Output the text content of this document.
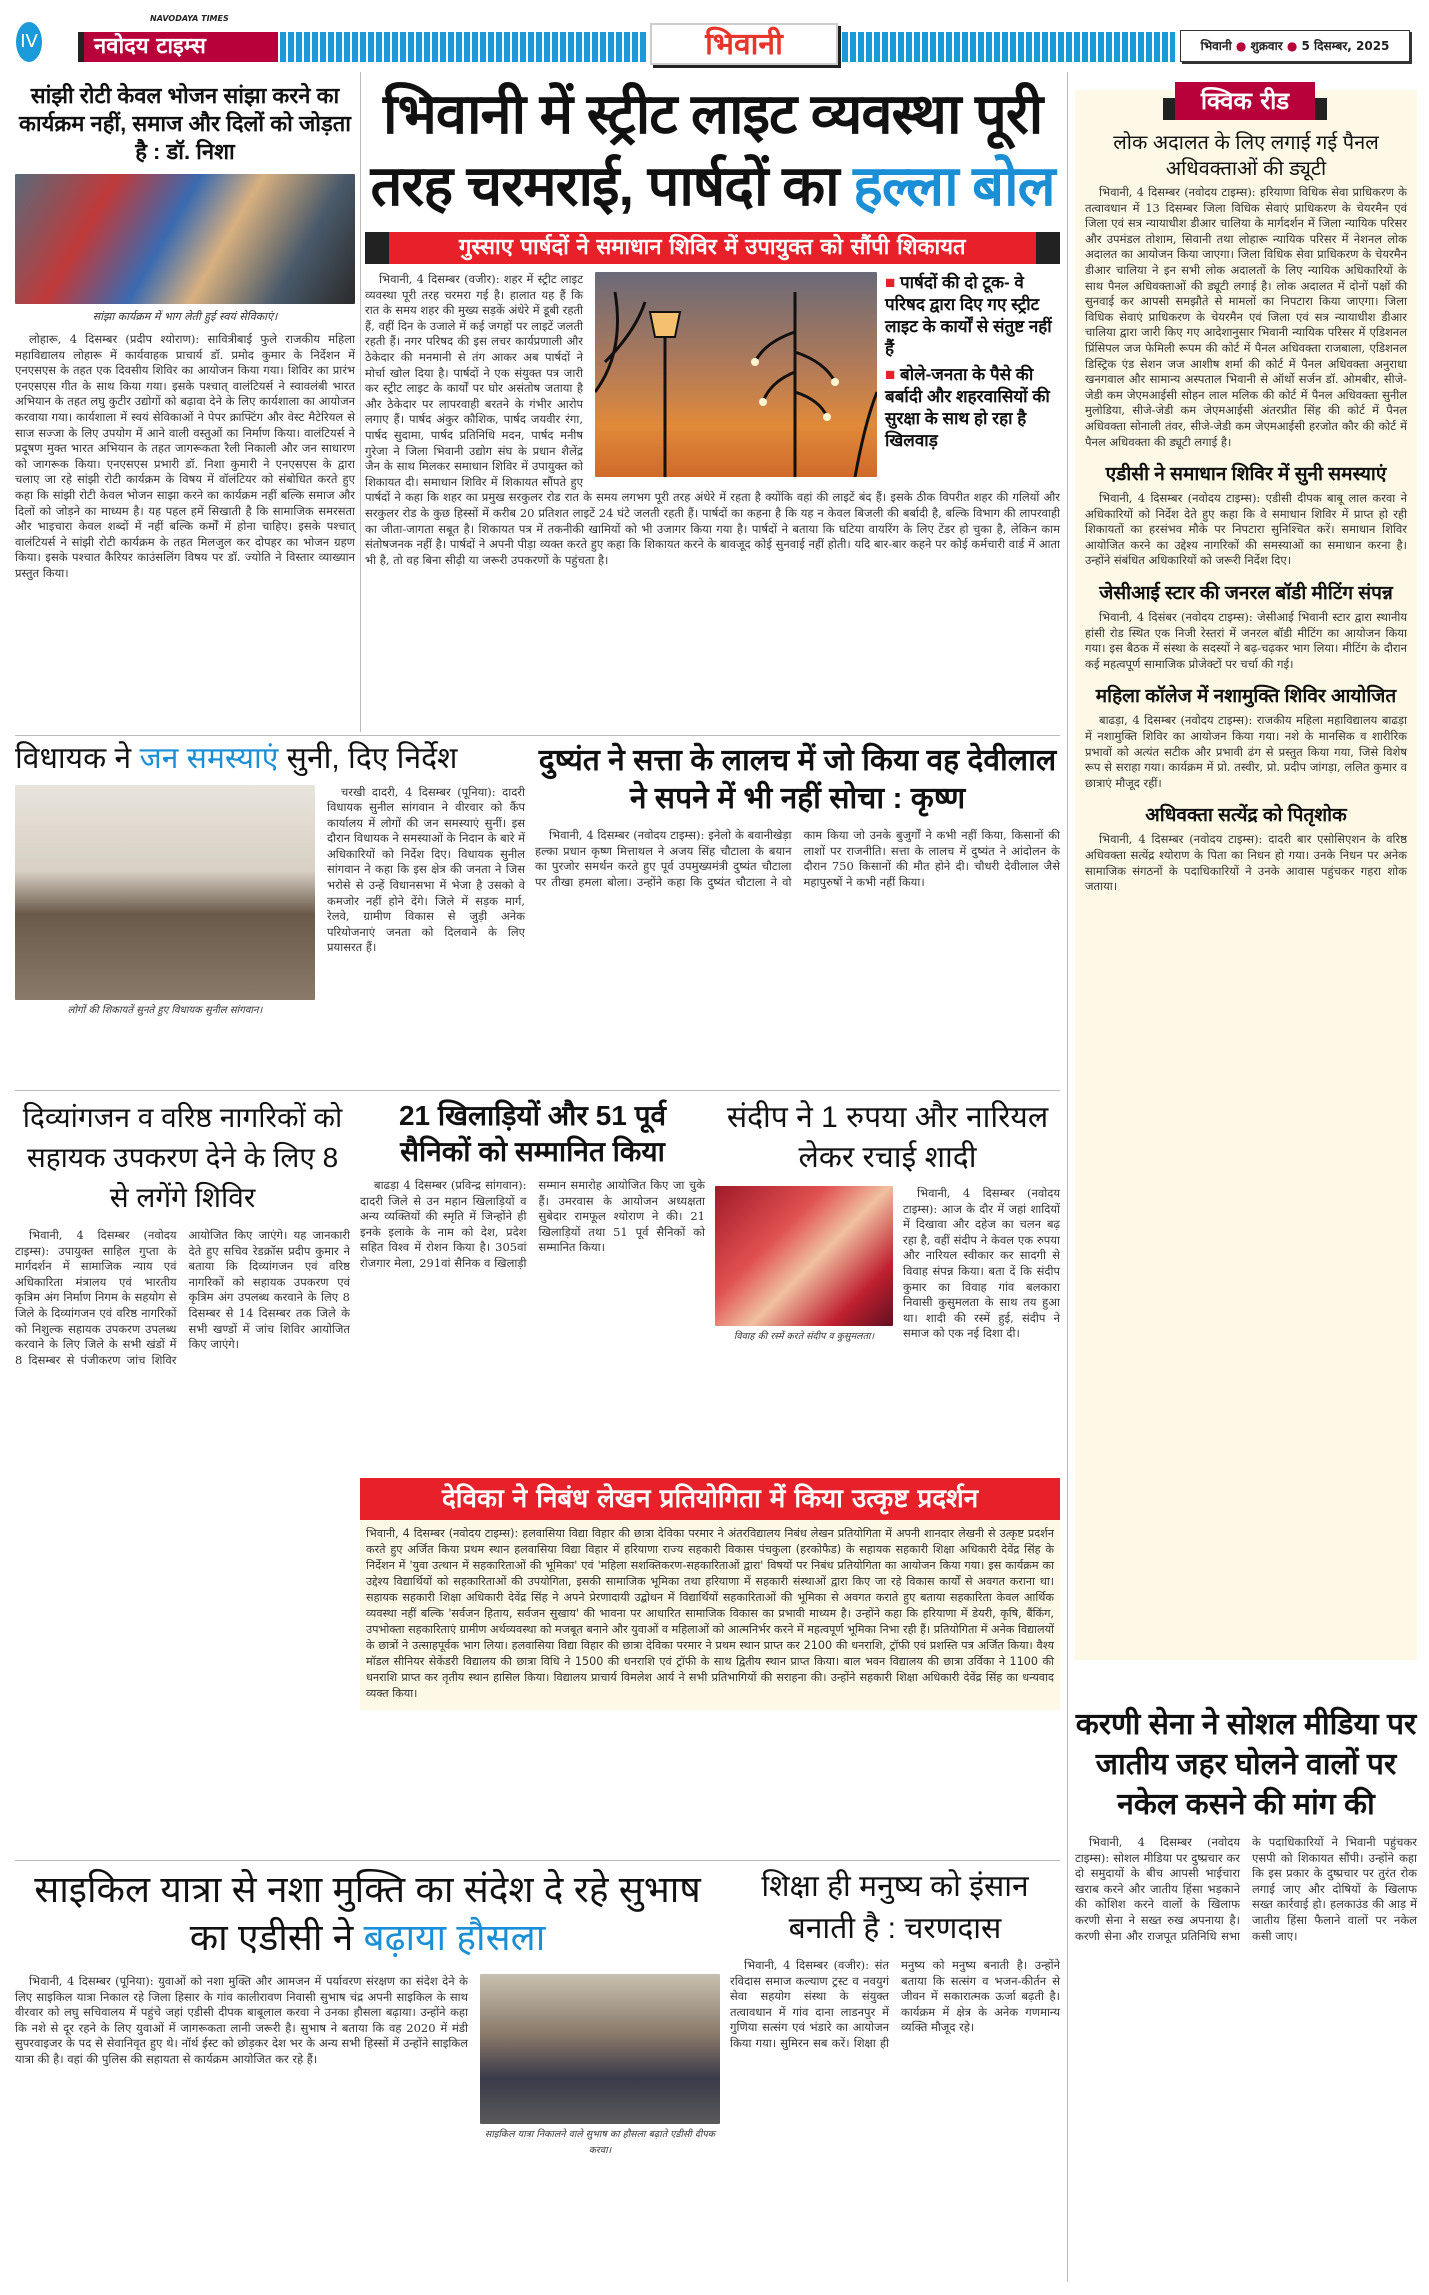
IV
NAVODAYA TIMES
नवोदय टाइम्स	भिवानी	भिवानी ● शुक्रवार ● 5 दिसम्बर, 2025
सांझी रोटी केवल भोजन सांझा करने का कार्यक्रम नहीं, समाज और दिलों को जोड़ता है : डॉ. निशा
सांझा कार्यक्रम में भाग लेती हुई स्वयं सेविकाएं।
लोहारू, 4 दिसम्बर (प्रदीप श्योराण): सावित्रीबाई फुले राजकीय महिला महाविद्यालय लोहारू में कार्यवाहक प्राचार्य डॉ. प्रमोद कुमार के निर्देशन में एनएसएस के तहत एक दिवसीय शिविर का आयोजन किया गया। शिविर का प्रारंभ एनएसएस गीत के साथ किया गया। इसके पश्चात् वालंटियर्स ने स्वावलंबी भारत अभियान के तहत लघु कुटीर उद्योगों को बढ़ावा देने के लिए कार्यशाला का आयोजन करवाया गया। कार्यशाला में स्वयं सेविकाओं ने पेपर क्राफ्टिंग और वेस्ट मैटेरियल से साज सज्जा के लिए उपयोग में आने वाली वस्तुओं का निर्माण किया। वालंटियर्स ने प्रदूषण मुक्त भारत अभियान के तहत जागरूकता रैली निकाली और जन साधारण को जागरूक किया। एनएसएस प्रभारी डॉ. निशा कुमारी ने एनएसएस के द्वारा चलाए जा रहे सांझी रोटी कार्यक्रम के विषय में वॉलंटियर को संबोधित करते हुए कहा कि सांझी रोटी केवल भोजन साझा करने का कार्यक्रम नहीं बल्कि समाज और दिलों को जोड़ने का माध्यम है। यह पहल हमें सिखाती है कि सामाजिक समरसता और भाइचारा केवल शब्दों में नहीं बल्कि कर्मों में होना चाहिए। इसके पश्चात् वालंटियर्स ने सांझी रोटी कार्यक्रम के तहत मिलजुल कर दोपहर का भोजन ग्रहण किया। इसके पश्चात कैरियर काउंसलिंग विषय पर डॉ. ज्योति ने विस्तार व्याख्यान प्रस्तुत किया।
भिवानी में स्ट्रीट लाइट व्यवस्था पूरी
तरह चरमराई, पार्षदों का हल्ला बोल
गुस्साए पार्षदों ने समाधान शिविर में उपायुक्त को सौंपी शिकायत
■ पार्षदों की दो टूक- वे परिषद द्वारा दिए गए स्ट्रीट लाइट के कार्यों से संतुष्ट नहीं हैं
■ बोले-जनता के पैसे की बर्बादी और शहरवासियों की सुरक्षा के साथ हो रहा है खिलवाड़

भिवानी, 4 दिसम्बर (वजीर): शहर में स्ट्रीट लाइट व्यवस्था पूरी तरह चरमरा गई है। हालात यह हैं कि रात के समय शहर की मुख्य सड़कें अंधेरे में डूबी रहती हैं, वहीं दिन के उजाले में कई जगहों पर लाइटें जलती रहती हैं। नगर परिषद की इस लचर कार्यप्रणाली और ठेकेदार की मनमानी से तंग आकर अब पार्षदों ने मोर्चा खोल दिया है। पार्षदों ने एक संयुक्त पत्र जारी कर स्ट्रीट लाइट के कार्यों पर घोर असंतोष जताया है और ठेकेदार पर लापरवाही बरतने के गंभीर आरोप लगाए हैं। पार्षद अंकुर कौशिक, पार्षद जयवीर रंगा, पार्षद सुदामा, पार्षद प्रतिनिधि मदन, पार्षद मनीष गुरेजा ने जिला भिवानी उद्योग संघ के प्रधान शैलेंद्र जैन के साथ मिलकर समाधान शिविर में उपायुक्त को शिकायत दी। समाधान शिविर में शिकायत सौंपते हुए पार्षदों ने कहा कि शहर का प्रमुख सरकुलर रोड रात के समय लगभग पूरी तरह अंधेरे में रहता है क्योंकि वहां की लाइटें बंद हैं। इसके ठीक विपरीत शहर की गलियों और सरकुलर रोड के कुछ हिस्सों में करीब 20 प्रतिशत लाइटें 24 घंटे जलती रहती हैं। पार्षदों का कहना है कि यह न केवल बिजली की बर्बादी है, बल्कि विभाग की लापरवाही का जीता-जागता सबूत है। शिकायत पत्र में तकनीकी खामियों को भी उजागर किया गया है। पार्षदों ने बताया कि घटिया वायरिंग के लिए टेंडर हो चुका है, लेकिन काम संतोषजनक नहीं है। पार्षदों ने अपनी पीड़ा व्यक्त करते हुए कहा कि शिकायत करने के बावजूद कोई सुनवाई नहीं होती। यदि बार-बार कहने पर कोई कर्मचारी वार्ड में आता भी है, तो वह बिना सीढ़ी या जरूरी उपकरणों के पहुंचता है।

क्विक रीड
लोक अदालत के लिए लगाई गई पैनल अधिवक्ताओं की ड्यूटी
भिवानी, 4 दिसम्बर (नवोदय टाइम्स): हरियाणा विधिक सेवा प्राधिकरण के तत्वावधान में 13 दिसम्बर जिला विधिक सेवाएं प्राधिकरण के चेयरमैन एवं जिला एवं सत्र न्यायाधीश डीआर चालिया के मार्गदर्शन में जिला न्यायिक परिसर और उपमंडल तोशाम, सिवानी तथा लोहारू न्यायिक परिसर में नेशनल लोक अदालत का आयोजन किया जाएगा। जिला विधिक सेवा प्राधिकरण के चेयरमैन डीआर चालिया ने इन सभी लोक अदालतों के लिए न्यायिक अधिकारियों के साथ पैनल अधिवक्ताओं की ड्यूटी लगाई है। लोक अदालत में दोनों पक्षों की सुनवाई कर आपसी समझौते से मामलों का निपटारा किया जाएगा। जिला विधिक सेवाएं प्राधिकरण के चेयरमैन एवं जिला एवं सत्र न्यायाधीश डीआर चालिया द्वारा जारी किए गए आदेशानुसार भिवानी न्यायिक परिसर में एडिशनल प्रिंसिपल जज फेमिली रूपम की कोर्ट में पैनल अधिवक्ता राजबाला, एडिशनल डिस्ट्रिक एंड सेशन जज आशीष शर्मा की कोर्ट में पैनल अधिवक्ता अनुराधा खनगवाल और सामान्य अस्पताल भिवानी से ऑर्थो सर्जन डॉ. ओमबीर, सीजे-जेडी कम जेएमआईसी सोहन लाल मलिक की कोर्ट में पैनल अधिवक्ता सुनील मुलोडिया, सीजे-जेडी कम जेएमआईसी अंतरप्रीत सिंह की कोर्ट में पैनल अधिवक्ता सोनाली तंवर, सीजे-जेडी कम जेएमआईसी हरजोत कौर की कोर्ट में पैनल अधिवक्ता की ड्यूटी लगाई है।
एडीसी ने समाधान शिविर में सुनी समस्याएं
भिवानी, 4 दिसम्बर (नवोदय टाइम्स): एडीसी दीपक बाबू लाल करवा ने अधिकारियों को निर्देश देते हुए कहा कि वे समाधान शिविर में प्राप्त हो रही शिकायतों का हरसंभव मौके पर निपटारा सुनिश्चित करें। समाधान शिविर आयोजित करने का उद्देश्य नागरिकों की समस्याओं का समाधान करना है। उन्होंने संबंधित अधिकारियों को जरूरी निर्देश दिए।
जेसीआई स्टार की जनरल बॉडी मीटिंग संपन्न
भिवानी, 4 दिसंबर (नवोदय टाइम्स): जेसीआई भिवानी स्टार द्वारा स्थानीय हांसी रोड स्थित एक निजी रेस्तरां में जनरल बॉडी मीटिंग का आयोजन किया गया। इस बैठक में संस्था के सदस्यों ने बढ़-चढ़कर भाग लिया। मीटिंग के दौरान कई महत्वपूर्ण सामाजिक प्रोजेक्टों पर चर्चा की गई।
महिला कॉलेज में नशामुक्ति शिविर आयोजित
बाढड़ा, 4 दिसम्बर (नवोदय टाइम्स): राजकीय महिला महाविद्यालय बाढड़ा में नशामुक्ति शिविर का आयोजन किया गया। नशे के मानसिक व शारीरिक प्रभावों को अत्यंत सटीक और प्रभावी ढंग से प्रस्तुत किया गया, जिसे विशेष रूप से सराहा गया। कार्यक्रम में प्रो. तस्वीर, प्रो. प्रदीप जांगड़ा, ललित कुमार व छात्राएं मौजूद रहीं।
अधिवक्ता सत्येंद्र को पितृशोक
भिवानी, 4 दिसम्बर (नवोदय टाइम्स): दादरी बार एसोसिएशन के वरिष्ठ अधिवक्ता सत्येंद्र श्योराण के पिता का निधन हो गया। उनके निधन पर अनेक सामाजिक संगठनों के पदाधिकारियों ने उनके आवास पहुंचकर गहरा शोक जताया।
विधायक ने जन समस्याएं सुनी, दिए निर्देश
लोगों की शिकायतें सुनते हुए विधायक सुनील सांगवान।

चरखी दादरी, 4 दिसम्बर (पूनिया): दादरी विधायक सुनील सांगवान ने वीरवार को कैंप कार्यालय में लोगों की जन समस्याएं सुनीं। इस दौरान विधायक ने समस्याओं के निदान के बारे में अधिकारियों को निर्देश दिए। विधायक सुनील सांगवान ने कहा कि इस क्षेत्र की जनता ने जिस भरोसे से उन्हें विधानसभा में भेजा है उसको वे कमजोर नहीं होने देंगे। जिले में सड़क मार्ग, रेलवे, ग्रामीण विकास से जुड़ी अनेक परियोजनाएं जनता को दिलवाने के लिए प्रयासरत हैं।

दुष्यंत ने सत्ता के लालच में जो किया वह देवीलाल ने सपने में भी नहीं सोचा : कृष्ण

भिवानी, 4 दिसम्बर (नवोदय टाइम्स): इनेलो के बवानीखेड़ा हल्का प्रधान कृष्ण मित्ताथल ने अजय सिंह चौटाला के बयान का पुरजोर समर्थन करते हुए पूर्व उपमुख्यमंत्री दुष्यंत चौटाला पर तीखा हमला बोला। उन्होंने कहा कि दुष्यंत चौटाला ने वो काम किया जो उनके बुजुर्गों ने कभी नहीं किया, किसानों की लाशों पर राजनीति। सत्ता के लालच में दुष्यंत ने आंदोलन के दौरान 750 किसानों की मौत होने दी। चौधरी देवीलाल जैसे महापुरुषों ने कभी नहीं किया।

दिव्यांगजन व वरिष्ठ नागरिकों को सहायक उपकरण देने के लिए 8 से लगेंगे शिविर

भिवानी, 4 दिसम्बर (नवोदय टाइम्स): उपायुक्त साहिल गुप्ता के मार्गदर्शन में सामाजिक न्याय एवं अधिकारिता मंत्रालय एवं भारतीय कृत्रिम अंग निर्माण निगम के सहयोग से जिले के दिव्यांगजन एवं वरिष्ठ नागरिकों को निशुल्क सहायक उपकरण उपलब्ध करवाने के लिए जिले के सभी खंडों में 8 दिसम्बर से पंजीकरण जांच शिविर आयोजित किए जाएंगे। यह जानकारी देते हुए सचिव रेडक्रॉस प्रदीप कुमार ने बताया कि दिव्यांगजन एवं वरिष्ठ नागरिकों को सहायक उपकरण एवं कृत्रिम अंग उपलब्ध करवाने के लिए 8 दिसम्बर से 14 दिसम्बर तक जिले के सभी खण्डों में जांच शिविर आयोजित किए जाएंगे।

21 खिलाड़ियों और 51 पूर्व सैनिकों को सम्मानित किया

बाढड़ा 4 दिसम्बर (प्रविन्द्र सांगवान): दादरी जिले से उन महान खिलाड़ियों व अन्य व्यक्तियों की स्मृति में जिन्होंने ही इनके इलाके के नाम को देश, प्रदेश सहित विश्व में रोशन किया है। 305वां रोजगार मेला, 291वां सैनिक व खिलाड़ी सम्मान समारोह आयोजित किए जा चुके हैं। उमरवास के आयोजन अध्यक्षता सुबेदार रामफूल श्योराण ने की। 21 खिलाड़ियों तथा 51 पूर्व सैनिकों को सम्मानित किया।

संदीप ने 1 रुपया और नारियल लेकर रचाई शादी
विवाह की रस्में करते संदीप व कुसुमलता।

भिवानी, 4 दिसम्बर (नवोदय टाइम्स): आज के दौर में जहां शादियों में दिखावा और दहेज का चलन बढ़ रहा है, वहीं संदीप ने केवल एक रुपया और नारियल स्वीकार कर सादगी से विवाह संपन्न किया। बता दें कि संदीप कुमार का विवाह गांव बलकारा निवासी कुसुमलता के साथ तय हुआ था। शादी की रस्में हुई, संदीप ने समाज को एक नई दिशा दी।

देविका ने निबंध लेखन प्रतियोगिता में किया उत्कृष्ट प्रदर्शन
भिवानी, 4 दिसम्बर (नवोदय टाइम्स): हलवासिया विद्या विहार की छात्रा देविका परमार ने अंतरविद्यालय निबंध लेखन प्रतियोगिता में अपनी शानदार लेखनी से उत्कृष्ट प्रदर्शन करते हुए अर्जित किया प्रथम स्थान हलवासिया विद्या विहार में हरियाणा राज्य सहकारी विकास पंचकुला (हरकोफैड) के सहायक सहकारी शिक्षा अधिकारी देवेंद्र सिंह के निर्देशन में 'युवा उत्थान में सहकारिताओं की भूमिका' एवं 'महिला सशक्तिकरण-सहकारिताओं द्वारा' विषयों पर निबंध प्रतियोगिता का आयोजन किया गया। इस कार्यक्रम का उद्देश्य विद्यार्थियों को सहकारिताओं की उपयोगिता, इसकी सामाजिक भूमिका तथा हरियाणा में सहकारी संस्थाओं द्वारा किए जा रहे विकास कार्यों से अवगत कराना था। सहायक सहकारी शिक्षा अधिकारी देवेंद्र सिंह ने अपने प्रेरणादायी उद्बोधन में विद्यार्थियों सहकारिताओं की भूमिका से अवगत कराते हुए बताया सहकारिता केवल आर्थिक व्यवस्था नहीं बल्कि 'सर्वजन हिताय, सर्वजन सुखाय' की भावना पर आधारित सामाजिक विकास का प्रभावी माध्यम है। उन्होंने कहा कि हरियाणा में डेयरी, कृषि, बैंकिंग, उपभोक्ता सहकारिताएं ग्रामीण अर्थव्यवस्था को मजबूत बनाने और युवाओं व महिलाओं को आत्मनिर्भर करने में महत्वपूर्ण भूमिका निभा रही हैं। प्रतियोगिता में अनेक विद्यालयों के छात्रों ने उत्साहपूर्वक भाग लिया। हलवासिया विद्या विहार की छात्रा देविका परमार ने प्रथम स्थान प्राप्त कर 2100 की धनराशि, ट्रॉफी एवं प्रशस्ति पत्र अर्जित किया। वैश्य मॉडल सीनियर सेकेंडरी विद्यालय की छात्रा विधि ने 1500 की धनराशि एवं ट्रॉफी के साथ द्वितीय स्थान प्राप्त किया। बाल भवन विद्यालय की छात्रा उर्विका ने 1100 की धनराशि प्राप्त कर तृतीय स्थान हासिल किया। विद्यालय प्राचार्य विमलेश आर्य ने सभी प्रतिभागियों की सराहना की। उन्होंने सहकारी शिक्षा अधिकारी देवेंद्र सिंह का धन्यवाद व्यक्त किया।
साइकिल यात्रा से नशा मुक्ति का संदेश दे रहे सुभाष का एडीसी ने बढ़ाया हौसला
साइकिल यात्रा निकालने वाले सुभाष का हौसला बढ़ाते एडीसी दीपक करवा।

भिवानी, 4 दिसम्बर (पूनिया): युवाओं को नशा मुक्ति और आमजन में पर्यावरण संरक्षण का संदेश देने के लिए साइकिल यात्रा निकाल रहे जिला हिसार के गांव कालीरावण निवासी सुभाष चंद्र अपनी साइकिल के साथ वीरवार को लघु सचिवालय में पहुंचे जहां एडीसी दीपक बाबूलाल करवा ने उनका हौसला बढ़ाया। उन्होंने कहा कि नशे से दूर रहने के लिए युवाओं में जागरूकता लानी जरूरी है। सुभाष ने बताया कि वह 2020 में मंडी सुपरवाइजर के पद से सेवानिवृत हुए थे। नॉर्थ ईस्ट को छोड़कर देश भर के अन्य सभी हिस्सों में उन्होंने साइकिल यात्रा की है। वहां की पुलिस की सहायता से कार्यक्रम आयोजित कर रहे हैं।

शिक्षा ही मनुष्य को इंसान बनाती है : चरणदास

भिवानी, 4 दिसम्बर (वजीर): संत रविदास समाज कल्याण ट्रस्ट व नवयुगं सेवा सहयोग संस्था के संयुक्त तत्वावधान में गांव दाना लाडनपुर में गुणिया सत्संग एवं भंडारे का आयोजन किया गया। सुमिरन सब करें। शिक्षा ही मनुष्य को मनुष्य बनाती है। उन्होंने बताया कि सत्संग व भजन-कीर्तन से जीवन में सकारात्मक ऊर्जा बढ़ती है। कार्यक्रम में क्षेत्र के अनेक गणमान्य व्यक्ति मौजूद रहे।

करणी सेना ने सोशल मीडिया पर जातीय जहर घोलने वालों पर नकेल कसने की मांग की

भिवानी, 4 दिसम्बर (नवोदय टाइम्स): सोशल मीडिया पर दुष्प्रचार कर दो समुदायों के बीच आपसी भाईचारा खराब करने और जातीय हिंसा भड़काने की कोशिश करने वालों के खिलाफ करणी सेना ने सख्त रुख अपनाया है। करणी सेना और राजपूत प्रतिनिधि सभा के पदाधिकारियों ने भिवानी पहुंचकर एसपी को शिकायत सौंपी। उन्होंने कहा कि इस प्रकार के दुष्प्रचार पर तुरंत रोक लगाई जाए और दोषियों के खिलाफ सख्त कार्रवाई हो। हलकाउंड की आड़ में जातीय हिंसा फैलाने वालों पर नकेल कसी जाए।
